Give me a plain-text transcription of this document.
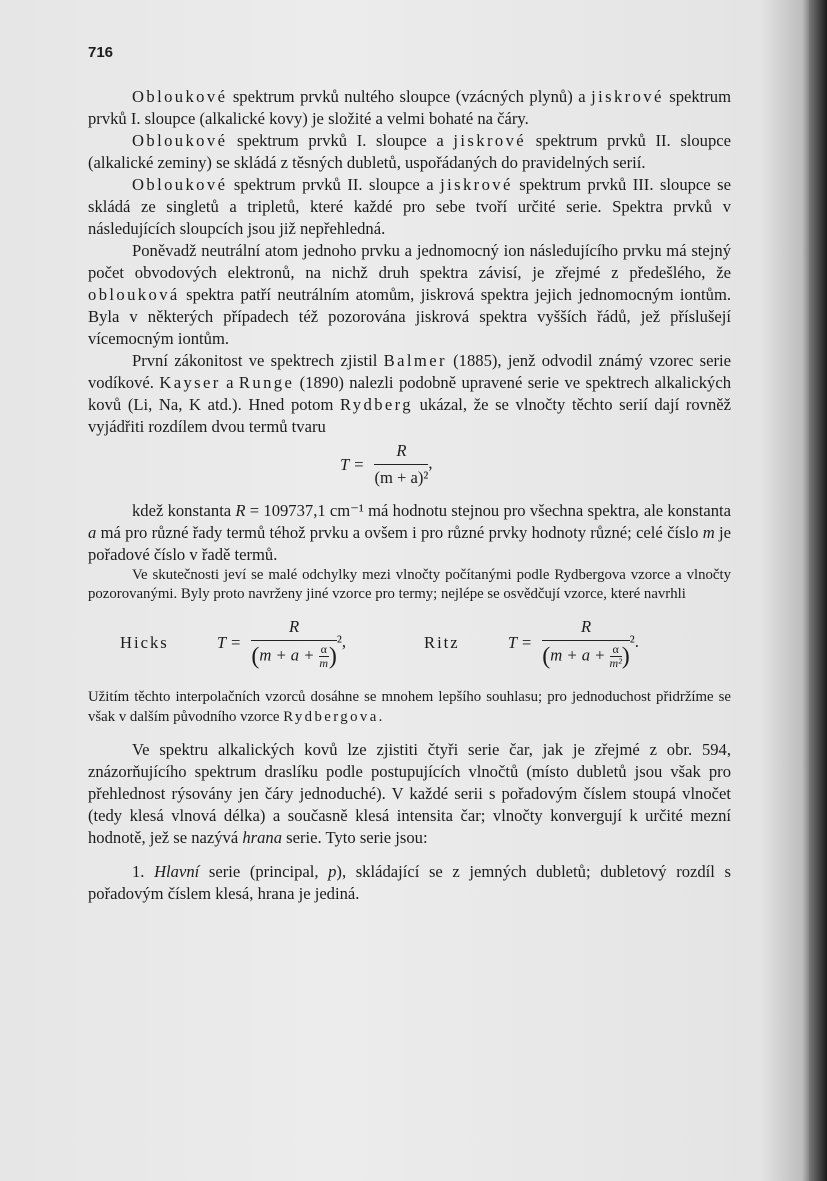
716

Obloukové spektrum prvků nultého sloupce (vzácných plynů) a jiskrové spektrum prvků I. sloupce (alkalické kovy) je složité a velmi bohaté na čáry.

Obloukové spektrum prvků I. sloupce a jiskrové spektrum prvků II. sloupce (alkalické zeminy) se skládá z těsných dubletů, uspořádaných do pravidelných serií.

Obloukové spektrum prvků II. sloupce a jiskrové spektrum prvků III. sloupce se skládá ze singletů a tripletů, které každé pro sebe tvoří určité serie. Spektra prvků v následujících sloupcích jsou již nepřehledná.

Poněvadž neutrální atom jednoho prvku a jednomocný ion následujícího prvku má stejný počet obvodových elektronů, na nichž druh spektra závisí, je zřejmé z předešlého, že oblouková spektra patří neutrálním atomům, jiskrová spektra jejich jednomocným iontům. Byla v některých případech též pozorována jiskrová spektra vyšších řádů, jež příslušejí vícemocným iontům.

První zákonitost ve spektrech zjistil Balmer (1885), jenž odvodil známý vzorec serie vodíkové. Kayser a Runge (1890) nalezli podobně upravené serie ve spektrech alkalických kovů (Li, Na, K atd.). Hned potom Rydberg ukázal, že se vlnočty těchto serií dají rovněž vyjádřiti rozdílem dvou termů tvaru

$T = \frac{R}{\text{(m + a)²}}$ ,

kdež konstanta R = 109737,1 cm⁻¹ má hodnotu stejnou pro všechna spektra, ale konstanta a má pro různé řady termů téhož prvku a ovšem i pro různé prvky hodnoty různé; celé číslo m je pořadové číslo v řadě termů.

Ve skutečnosti jeví se malé odchylky mezi vlnočty počítanými podle Rydbergova vzorce a vlnočty pozorovanými. Byly proto navrženy jiné vzorce pro termy; nejlépe se osvědčují vzorce, které navrhli

Hicks	$T = \frac{R}{(m + a + \frac{\alpha}{m} )} ^2$,	Ritz	$T = \frac{R}{(m + a + \frac{\alpha}{\text{m²}} )} ^2$.

Užitím těchto interpolačních vzorců dosáhne se mnohem lepšího souhlasu; pro jednoduchost přidržíme se však v dalším původního vzorce Rydbergova.

Ve spektru alkalických kovů lze zjistiti čtyři serie čar, jak je zřejmé z obr. 594, znázorňujícího spektrum draslíku podle postupujících vlnočtů (místo dubletů jsou však pro přehlednost rýsovány jen čáry jednoduché). V každé serii s pořadovým číslem stoupá vlnočet (tedy klesá vlnová délka) a současně klesá intensita čar; vlnočty konvergují k určité mezní hodnotě, jež se nazývá hrana serie. Tyto serie jsou:

1. Hlavní serie (principal, p), skládající se z jemných dubletů; dubletový rozdíl s pořadovým číslem klesá, hrana je jediná.
